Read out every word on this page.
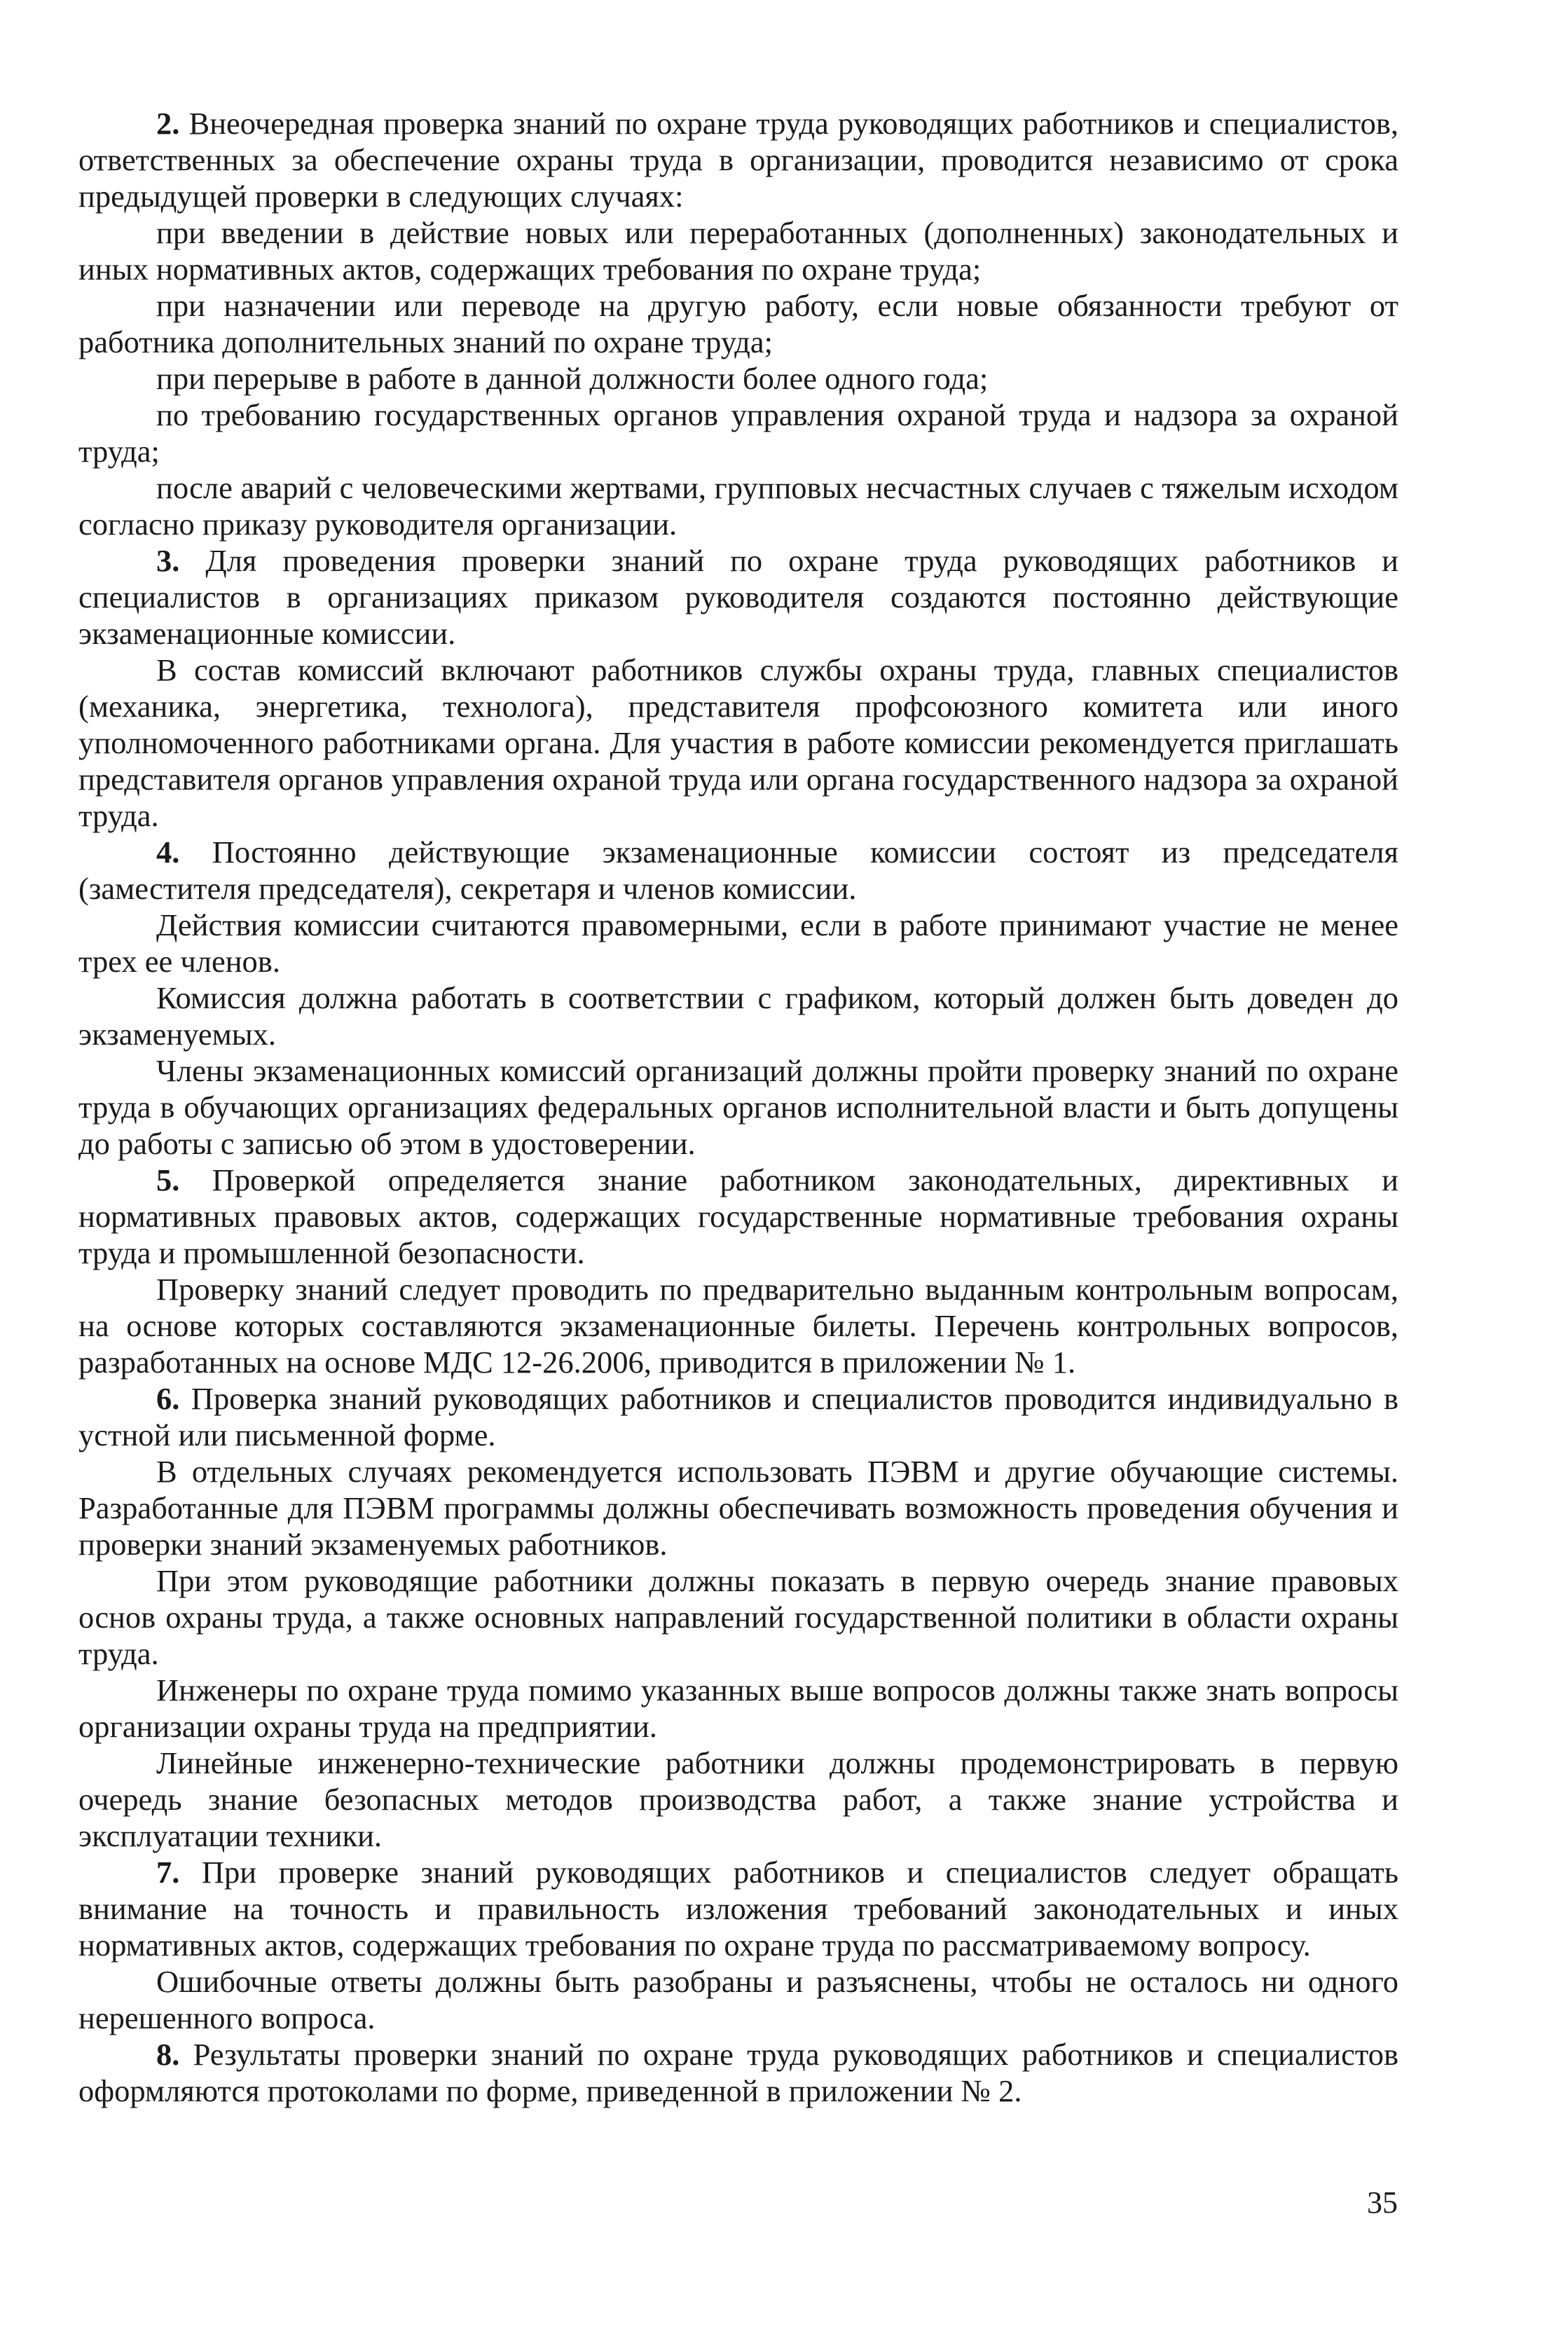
2. Внеочередная проверка знаний по охране труда руководящих работников и специалистов, ответственных за обеспечение охраны труда в организации, проводится независимо от срока предыдущей проверки в следующих случаях:

при введении в действие новых или переработанных (дополненных) законодательных и иных нормативных актов, содержащих требования по охране труда;

при назначении или переводе на другую работу, если новые обязанности требуют от работника дополнительных знаний по охране труда;

при перерыве в работе в данной должности более одного года;

по требованию государственных органов управления охраной труда и надзора за охраной труда;

после аварий с человеческими жертвами, групповых несчастных случаев с тяжелым исходом согласно приказу руководителя организации.

3. Для проведения проверки знаний по охране труда руководящих работников и специалистов в организациях приказом руководителя создаются постоянно действующие экзаменационные комиссии.

В состав комиссий включают работников службы охраны труда, главных специалистов (механика, энергетика, технолога), представителя профсоюзного комитета или иного уполномоченного работниками органа. Для участия в работе комиссии рекомендуется приглашать представителя органов управления охраной труда или органа государственного надзора за охраной труда.

4. Постоянно действующие экзаменационные комиссии состоят из председателя (заместителя председателя), секретаря и членов комиссии.

Действия комиссии считаются правомерными, если в работе принимают участие не менее трех ее членов.

Комиссия должна работать в соответствии с графиком, который должен быть доведен до экзаменуемых.

Члены экзаменационных комиссий организаций должны пройти проверку знаний по охране труда в обучающих организациях федеральных органов исполнительной власти и быть допущены до работы с записью об этом в удостоверении.

5. Проверкой определяется знание работником законодательных, директивных и нормативных правовых актов, содержащих государственные нормативные требования охраны труда и промышленной безопасности.

Проверку знаний следует проводить по предварительно выданным контрольным вопросам, на основе которых составляются экзаменационные билеты. Перечень контрольных вопросов, разработанных на основе МДС 12-26.2006, приводится в приложении № 1.

6. Проверка знаний руководящих работников и специалистов проводится индивидуально в устной или письменной форме.

В отдельных случаях рекомендуется использовать ПЭВМ и другие обучающие системы. Разработанные для ПЭВМ программы должны обеспечивать возможность проведения обучения и проверки знаний экзаменуемых работников.

При этом руководящие работники должны показать в первую очередь знание правовых основ охраны труда, а также основных направлений государственной политики в области охраны труда.

Инженеры по охране труда помимо указанных выше вопросов должны также знать вопросы организации охраны труда на предприятии.

Линейные инженерно-технические работники должны продемонстрировать в первую очередь знание безопасных методов производства работ, а также знание устройства и эксплуатации техники.

7. При проверке знаний руководящих работников и специалистов следует обращать внимание на точность и правильность изложения требований законодательных и иных нормативных актов, содержащих требования по охране труда по рассматриваемому вопросу.

Ошибочные ответы должны быть разобраны и разъяснены, чтобы не осталось ни одного нерешенного вопроса.

8. Результаты проверки знаний по охране труда руководящих работников и специалистов оформляются протоколами по форме, приведенной в приложении № 2.

35
